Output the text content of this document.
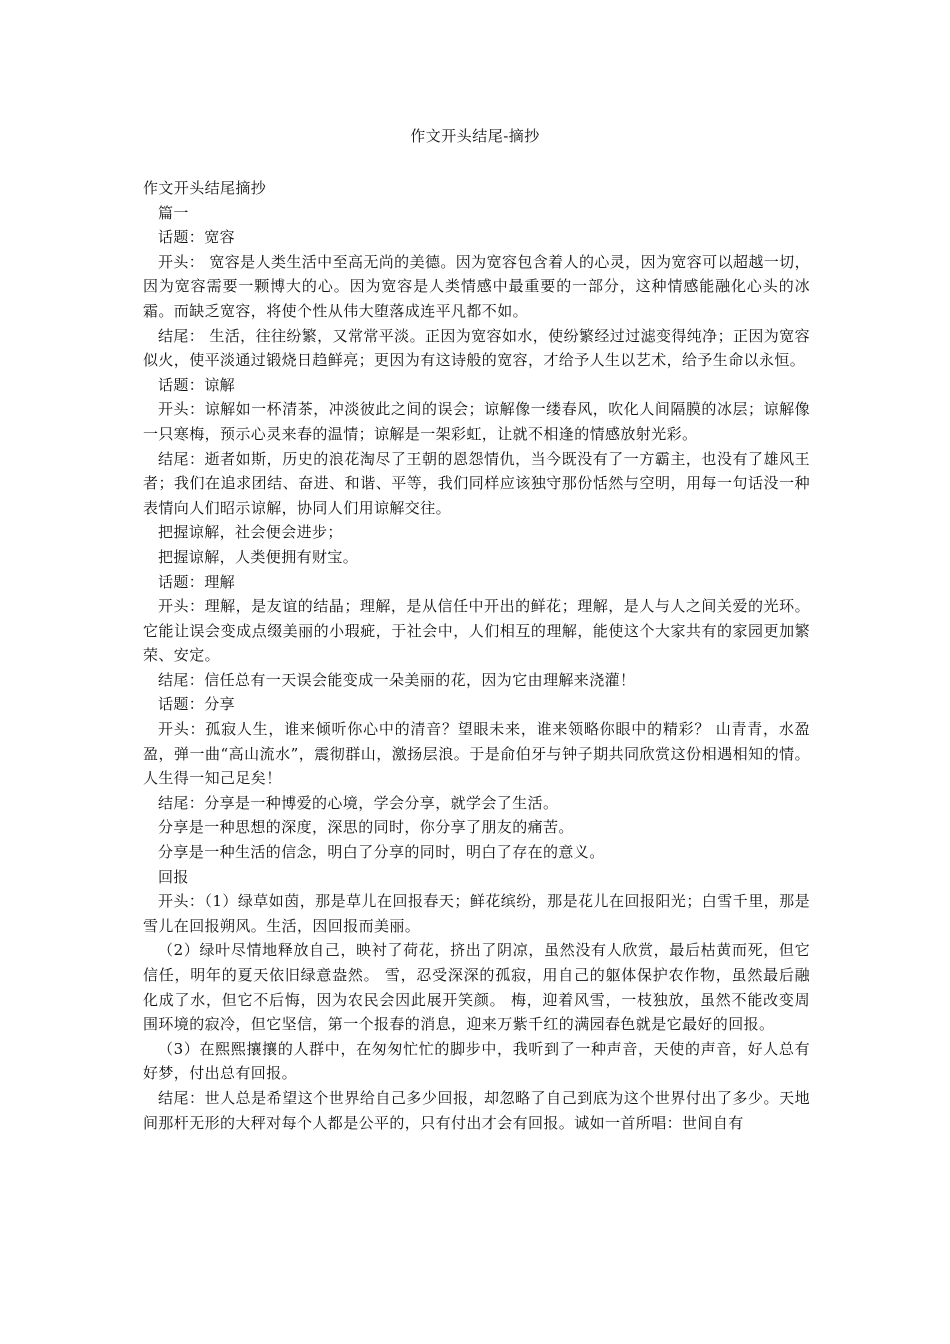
作文开头结尾-摘抄

作文开头结尾摘抄

篇一

话题：宽容

开头： 宽容是人类生活中至高无尚的美德。因为宽容包含着人的心灵，因为宽容可以超越一切，因为宽容需要一颗博大的心。因为宽容是人类情感中最重要的一部分，这种情感能融化心头的冰霜。而缺乏宽容，将使个性从伟大堕落成连平凡都不如。

结尾： 生活，往往纷繁，又常常平淡。正因为宽容如水，使纷繁经过过滤变得纯净；正因为宽容似火，使平淡通过锻烧日趋鲜亮；更因为有这诗般的宽容，才给予人生以艺术，给予生命以永恒。

话题：谅解

开头：谅解如一杯清茶，冲淡彼此之间的误会；谅解像一缕春风，吹化人间隔膜的冰层；谅解像一只寒梅，预示心灵来春的温情；谅解是一架彩虹，让就不相逢的情感放射光彩。

结尾：逝者如斯，历史的浪花淘尽了王朝的恩怨情仇，当今既没有了一方霸主，也没有了雄风王者；我们在追求团结、奋进、和谐、平等，我们同样应该独守那份恬然与空明，用每一句话没一种表情向人们昭示谅解，协同人们用谅解交往。

把握谅解，社会便会进步；

把握谅解，人类便拥有财宝。

话题：理解

开头：理解，是友谊的结晶；理解，是从信任中开出的鲜花；理解，是人与人之间关爱的光环。它能让误会变成点缀美丽的小瑕疵，于社会中，人们相互的理解，能使这个大家共有的家园更加繁荣、安定。

结尾：信任总有一天误会能变成一朵美丽的花，因为它由理解来浇灌！

话题：分享

开头：孤寂人生，谁来倾听你心中的清音？望眼未来，谁来领略你眼中的精彩？ 山青青，水盈盈，弹一曲“高山流水”，震彻群山，激扬层浪。于是俞伯牙与钟子期共同欣赏这份相遇相知的情。人生得一知己足矣！

结尾：分享是一种博爱的心境，学会分享，就学会了生活。

分享是一种思想的深度，深思的同时，你分享了朋友的痛苦。

分享是一种生活的信念，明白了分享的同时，明白了存在的意义。

回报

开头：（1）绿草如茵，那是草儿在回报春天；鲜花缤纷，那是花儿在回报阳光；白雪千里，那是雪儿在回报朔风。生活，因回报而美丽。

（2）绿叶尽情地释放自己，映衬了荷花，挤出了阴凉，虽然没有人欣赏，最后枯黄而死，但它信任，明年的夏天依旧绿意盎然。 雪，忍受深深的孤寂，用自己的躯体保护农作物，虽然最后融化成了水，但它不后悔，因为农民会因此展开笑颜。 梅，迎着风雪，一枝独放，虽然不能改变周围环境的寂冷，但它坚信，第一个报春的消息，迎来万紫千红的满园春色就是它最好的回报。

（3）在熙熙攘攘的人群中，在匆匆忙忙的脚步中，我听到了一种声音，天使的声音，好人总有好梦，付出总有回报。

结尾：世人总是希望这个世界给自己多少回报，却忽略了自己到底为这个世界付出了多少。天地间那杆无形的大秤对每个人都是公平的，只有付出才会有回报。诚如一首所唱：世间自有
